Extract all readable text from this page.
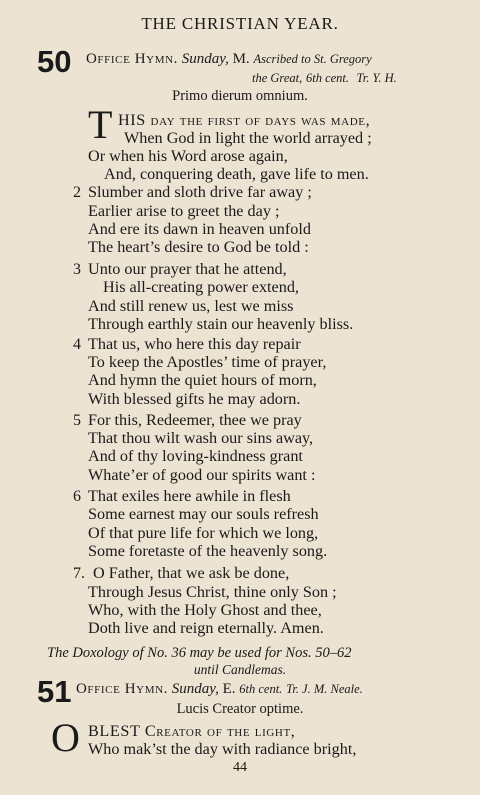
THE CHRISTIAN YEAR.
50 Office Hymn. Sunday, M. Ascribed to St. Gregory
the Great, 6th cent. Tr. Y. H.
Primo dierum omnium.
T HIS day the first of days was made,
When God in light the world arrayed ;
Or when his Word arose again,
And, conquering death, gave life to men.
2 Slumber and sloth drive far away ;
Earlier arise to greet the day ;
And ere its dawn in heaven unfold
The heart’s desire to God be told :
3 Unto our prayer that he attend,
His all-creating power extend,
And still renew us, lest we miss
Through earthly stain our heavenly bliss.
4 That us, who here this day repair
To keep the Apostles’ time of prayer,
And hymn the quiet hours of morn,
With blessed gifts he may adorn.
5 For this, Redeemer, thee we pray
That thou wilt wash our sins away,
And of thy loving-kindness grant
Whate’er of good our spirits want :
6 That exiles here awhile in flesh
Some earnest may our souls refresh
Of that pure life for which we long,
Some foretaste of the heavenly song.
7. O Father, that we ask be done,
Through Jesus Christ, thine only Son ;
Who, with the Holy Ghost and thee,
Doth live and reign eternally. Amen.
The Doxology of No. 36 may be used for Nos. 50–62
until Candlemas.
51 Office Hymn. Sunday, E. 6th cent. Tr. J. M. Neale.
Lucis Creator optime.
O BLEST Creator of the light,
Who mak’st the day with radiance bright,
44
